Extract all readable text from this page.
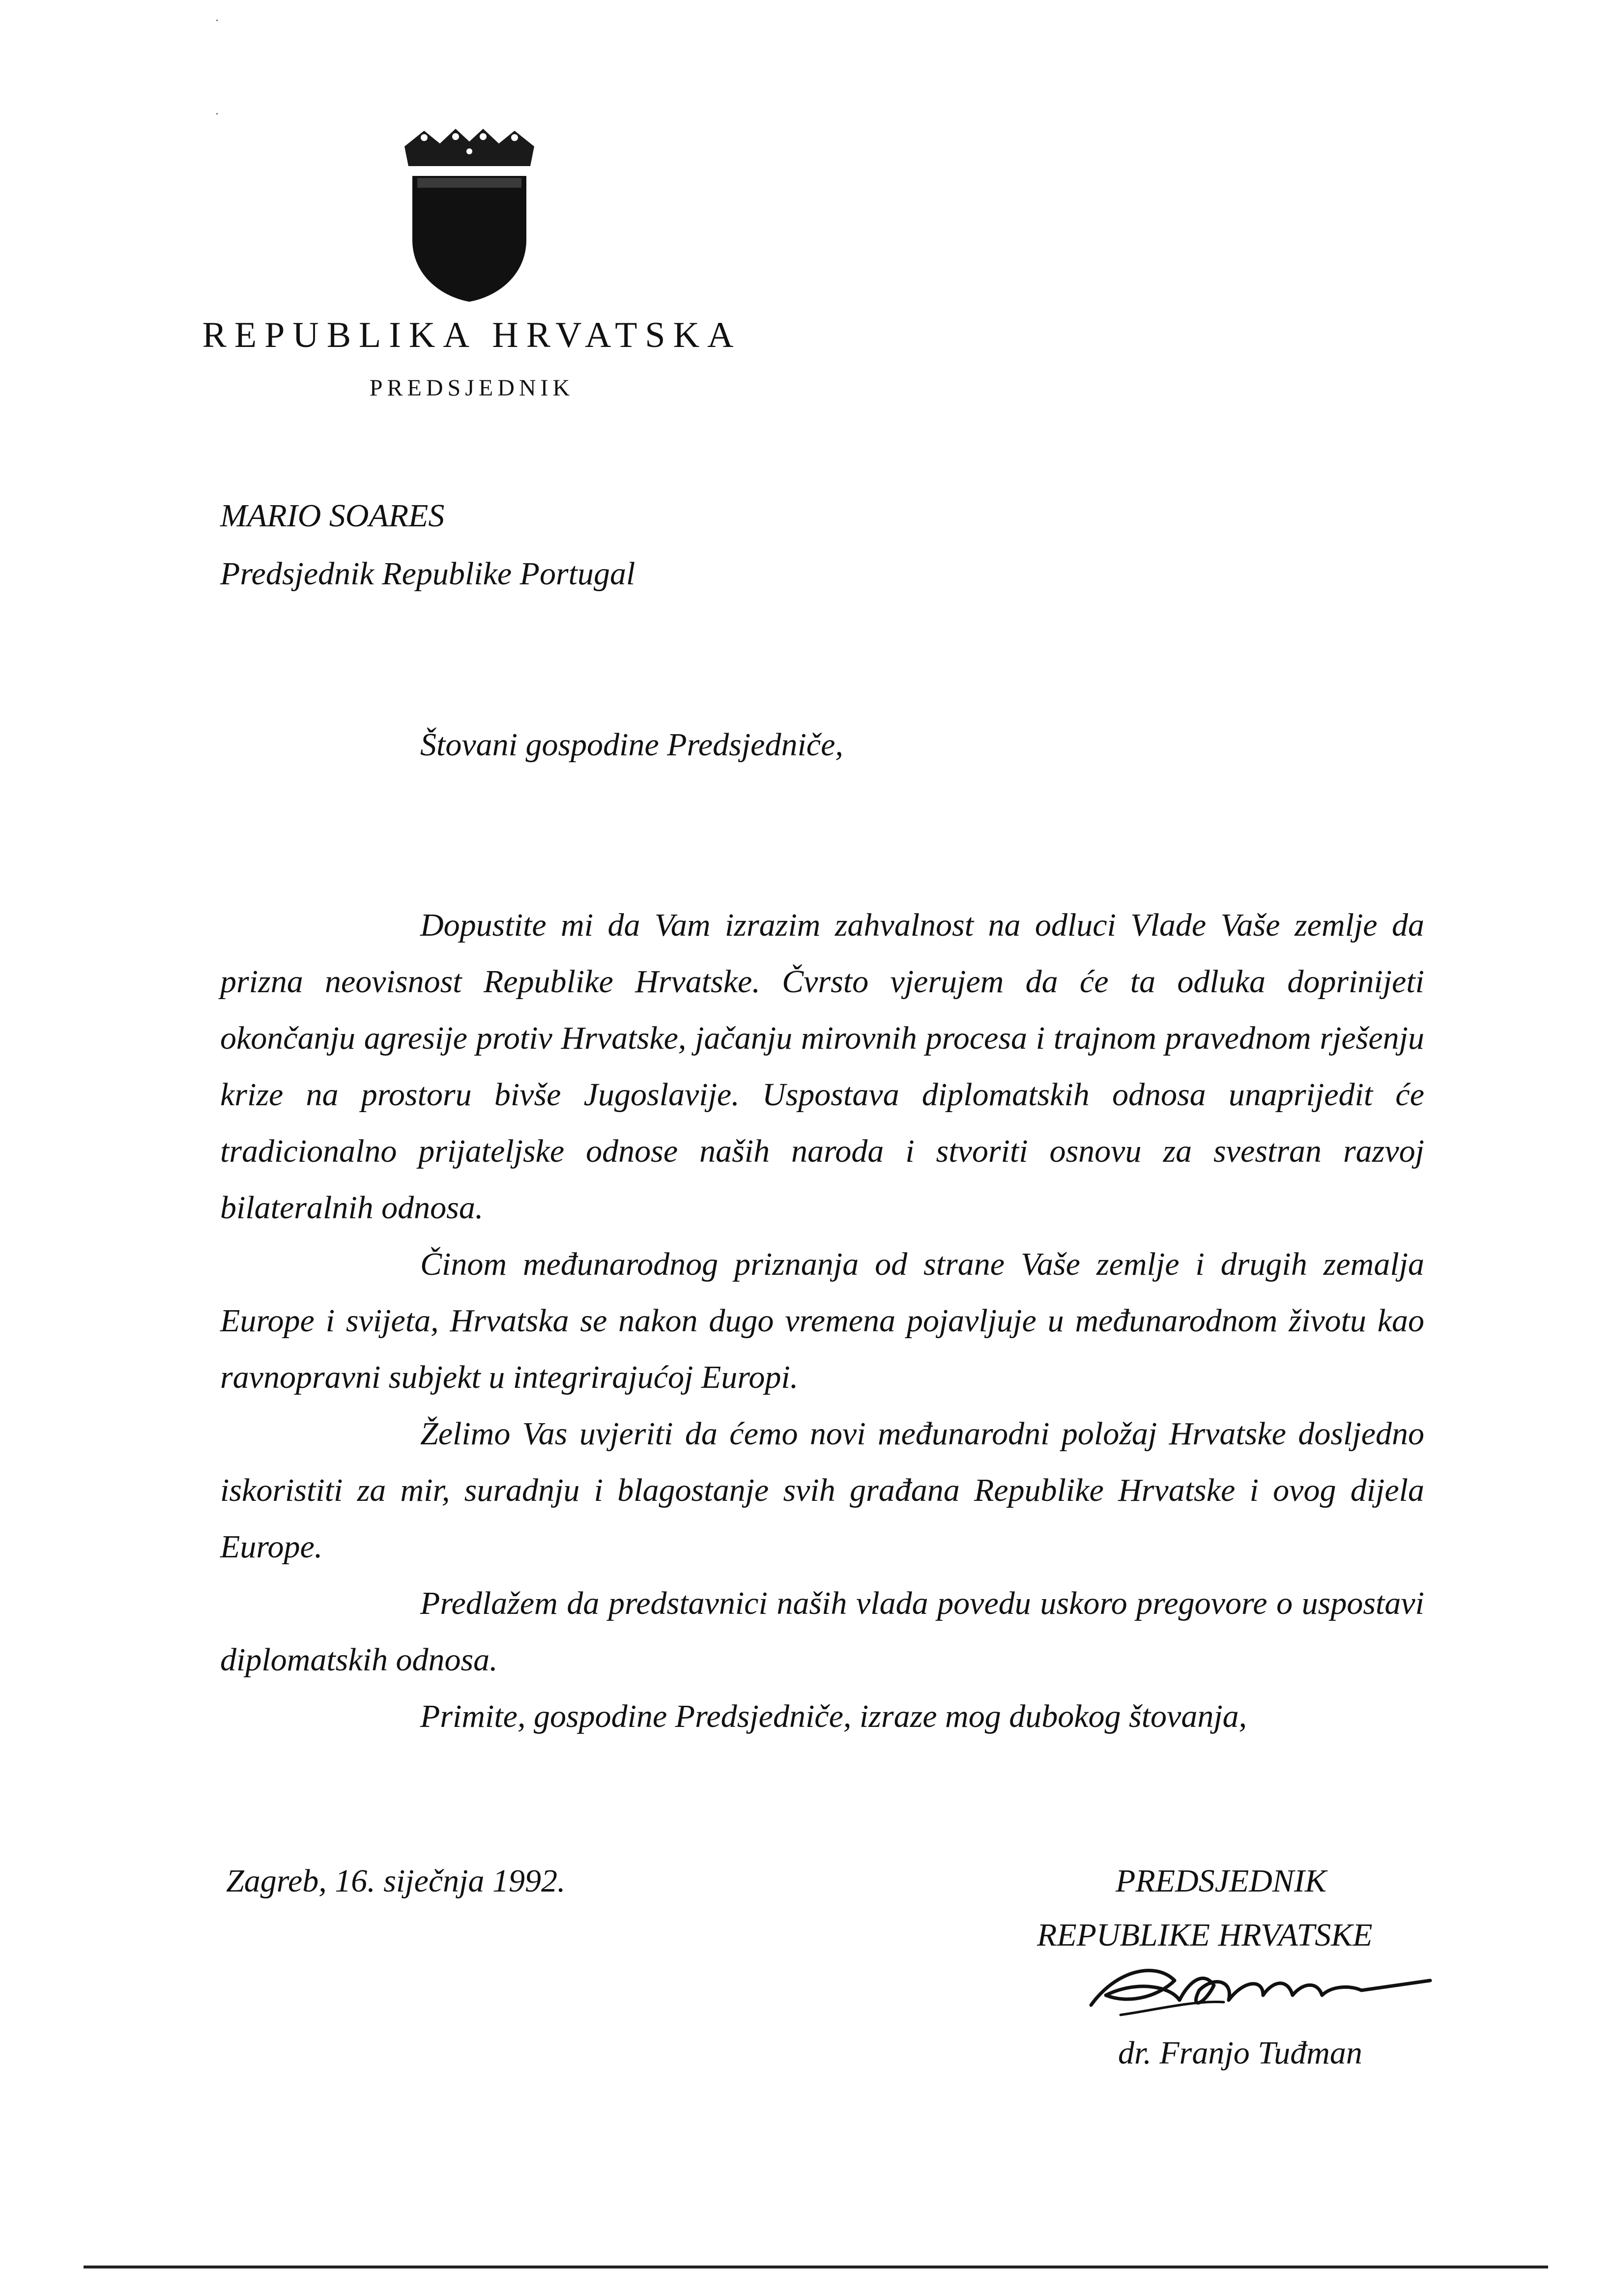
REPUBLIKA HRVATSKA
PREDSJEDNIK
MARIO SOARES
Predsjednik Republike Portugal
Štovani gospodine Predsjedniče,

Dopustite mi da Vam izrazim zahvalnost na odluci Vlade Vaše zemlje da prizna neovisnost Republike Hrvatske. Čvrsto vjerujem da će ta odluka doprinijeti okončanju agresije protiv Hrvatske, jačanju mirovnih procesa i trajnom pravednom rješenju krize na prostoru bivše Jugoslavije. Uspostava diplomatskih odnosa unaprijedit će tradicionalno prijateljske odnose naših naroda i stvoriti osnovu za svestran razvoj bilateralnih odnosa.

Činom međunarodnog priznanja od strane Vaše zemlje i drugih zemalja Europe i svijeta, Hrvatska se nakon dugo vremena pojavljuje u međunarodnom životu kao ravnopravni subjekt u integrirajućoj Europi.

Želimo Vas uvjeriti da ćemo novi međunarodni položaj Hrvatske dosljedno iskoristiti za mir, suradnju i blagostanje svih građana Republike Hrvatske i ovog dijela Europe.

Predlažem da predstavnici naših vlada povedu uskoro pregovore o uspostavi diplomatskih odnosa.

Primite, gospodine Predsjedniče, izraze mog dubokog štovanja,

Zagreb, 16. siječnja 1992.	PREDSJEDNIK
REPUBLIKE HRVATSKE
dr. Franjo Tuđman
